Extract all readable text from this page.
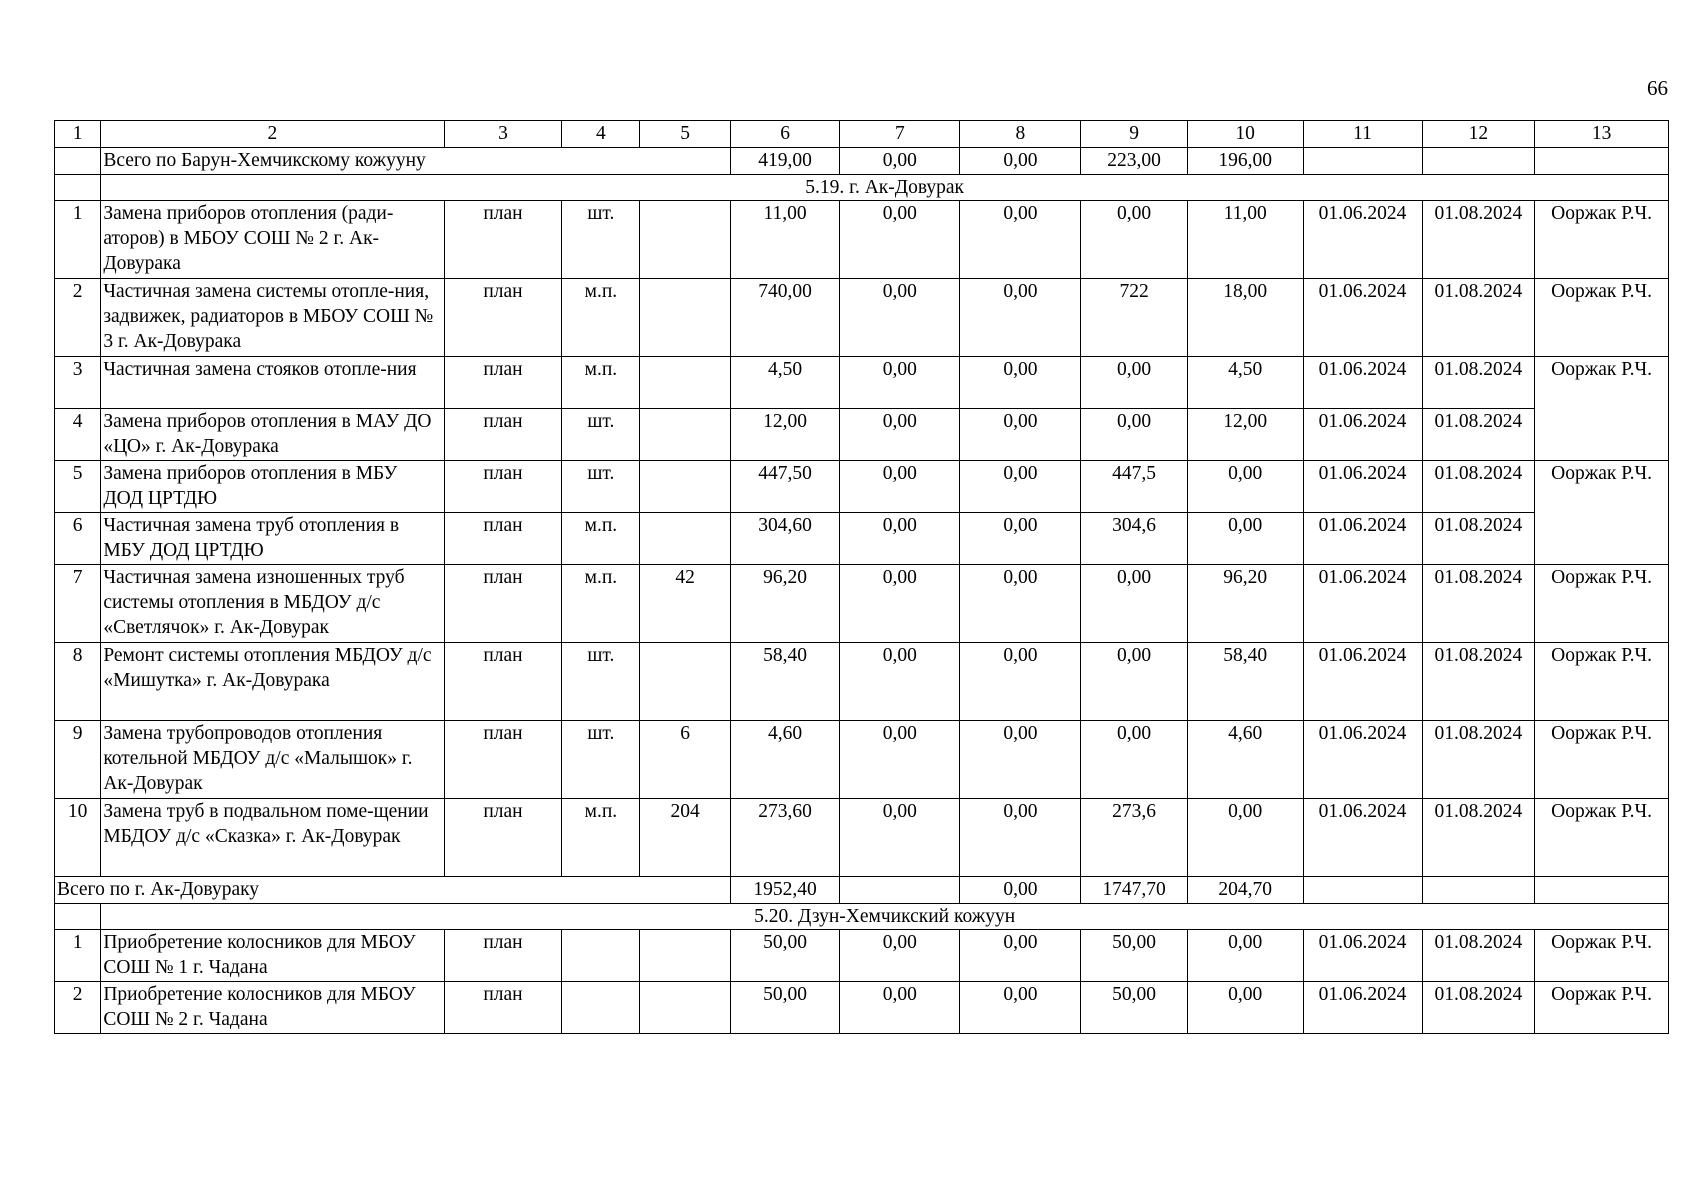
66
1	2	3	4	5	6	7	8	9	10	11	12	13
	Всего по Барун-Хемчикскому кожууну				419,00	0,00	0,00	223,00	196,00			
	5.19. г. Ак-Довурак											
1	Замена приборов отопления (ради-аторов) в МБОУ СОШ № 2 г. Ак-Довурака	план	шт.		11,00	0,00	0,00	0,00	11,00	01.06.2024	01.08.2024	Ооржак Р.Ч.
2	Частичная замена системы отопле-ния, задвижек, радиаторов в МБОУ СОШ № 3 г. Ак-Довурака	план	м.п.		740,00	0,00	0,00	722	18,00	01.06.2024	01.08.2024	Ооржак Р.Ч.
3	Частичная замена стояков отопле-ния	план	м.п.		4,50	0,00	0,00	0,00	4,50	01.06.2024	01.08.2024	Ооржак Р.Ч.
4	Замена приборов отопления в МАУ ДО «ЦО» г. Ак-Довурака	план	шт.		12,00	0,00	0,00	0,00	12,00	01.06.2024	01.08.2024	
5	Замена приборов отопления в МБУ ДОД ЦРТДЮ	план	шт.		447,50	0,00	0,00	447,5	0,00	01.06.2024	01.08.2024	Ооржак Р.Ч.
6	Частичная замена труб отопления в МБУ ДОД ЦРТДЮ	план	м.п.		304,60	0,00	0,00	304,6	0,00	01.06.2024	01.08.2024	
7	Частичная замена изношенных труб системы отопления в МБДОУ д/с «Светлячок» г. Ак-Довурак	план	м.п.	42	96,20	0,00	0,00	0,00	96,20	01.06.2024	01.08.2024	Ооржак Р.Ч.
8	Ремонт системы отопления МБДОУ д/с «Мишутка» г. Ак-Довурака	план	шт.		58,40	0,00	0,00	0,00	58,40	01.06.2024	01.08.2024	Ооржак Р.Ч.
9	Замена трубопроводов отопления котельной МБДОУ д/с «Малышок» г. Ак-Довурак	план	шт.	6	4,60	0,00	0,00	0,00	4,60	01.06.2024	01.08.2024	Ооржак Р.Ч.
10	Замена труб в подвальном поме-щении МБДОУ д/с «Сказка» г. Ак-Довурак	план	м.п.	204	273,60	0,00	0,00	273,6	0,00	01.06.2024	01.08.2024	Ооржак Р.Ч.
Всего по г. Ак-Довураку					1952,40		0,00	1747,70	204,70			
	5.20. Дзун-Хемчикский кожуун											
1	Приобретение колосников для МБОУ СОШ № 1 г. Чадана	план			50,00	0,00	0,00	50,00	0,00	01.06.2024	01.08.2024	Ооржак Р.Ч.
2	Приобретение колосников для МБОУ СОШ № 2 г. Чадана	план			50,00	0,00	0,00	50,00	0,00	01.06.2024	01.08.2024	Ооржак Р.Ч.
